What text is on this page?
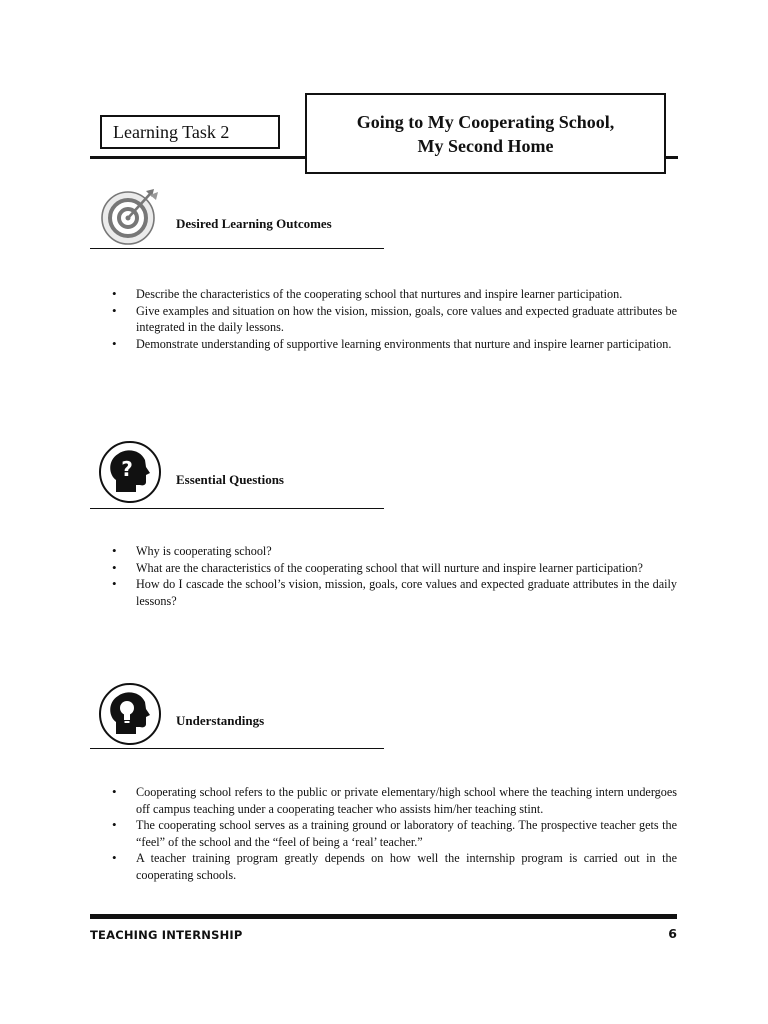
Learning Task 2	Going to My Cooperating School,
My Second Home
Desired Learning Outcomes
• Describe the characteristics of the cooperating school that nurtures and inspire learner participation.
• Give examples and situation on how the vision, mission, goals, core values and expected graduate attributes be integrated in the daily lessons.
• Demonstrate understanding of supportive learning environments that nurture and inspire learner participation.
?	Essential Questions
• Why is cooperating school?
• What are the characteristics of the cooperating school that will nurture and inspire learner participation?
• How do I cascade the school’s vision, mission, goals, core values and expected graduate attributes in the daily lessons?
Understandings
• Cooperating school refers to the public or private elementary/high school where the teaching intern undergoes off campus teaching under a cooperating teacher who assists him/her teaching stint.
• The cooperating school serves as a training ground or laboratory of teaching. The prospective teacher gets the “feel” of the school and the “feel of being a ‘real’ teacher.”
• A teacher training program greatly depends on how well the internship program is carried out in the cooperating schools.
TEACHING INTERNSHIP	6
